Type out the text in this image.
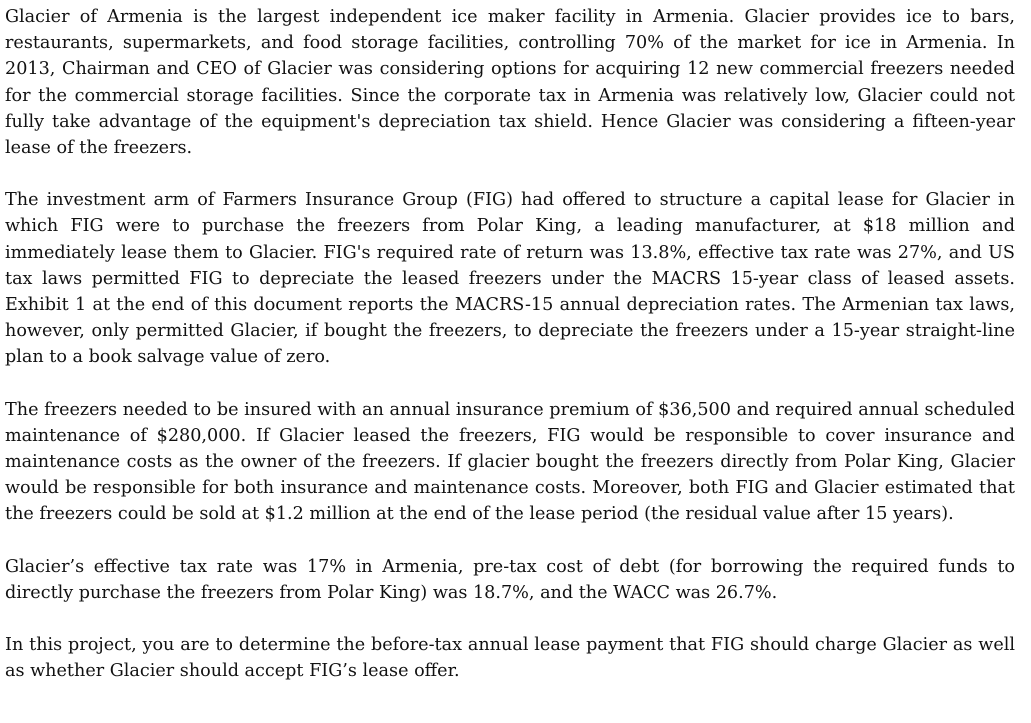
Glacier of Armenia is the largest independent ice maker facility in Armenia. Glacier provides ice to bars, restaurants, supermarkets, and food storage facilities, controlling 70% of the market for ice in Armenia. In 2013, Chairman and CEO of Glacier was considering options for acquiring 12 new commercial freezers needed for the commercial storage facilities. Since the corporate tax in Armenia was relatively low, Glacier could not fully take advantage of the equipment's depreciation tax shield. Hence Glacier was considering a fifteen-year lease of the freezers.

The investment arm of Farmers Insurance Group (FIG) had offered to structure a capital lease for Glacier in which FIG were to purchase the freezers from Polar King, a leading manufacturer, at $18 million and immediately lease them to Glacier. FIG's required rate of return was 13.8%, effective tax rate was 27%, and US tax laws permitted FIG to depreciate the leased freezers under the MACRS 15-year class of leased assets. Exhibit 1 at the end of this document reports the MACRS-15 annual depreciation rates. The Armenian tax laws, however, only permitted Glacier, if bought the freezers, to depreciate the freezers under a 15-year straight-line plan to a book salvage value of zero.

The freezers needed to be insured with an annual insurance premium of $36,500 and required annual scheduled maintenance of $280,000. If Glacier leased the freezers, FIG would be responsible to cover insurance and maintenance costs as the owner of the freezers. If glacier bought the freezers directly from Polar King, Glacier would be responsible for both insurance and maintenance costs. Moreover, both FIG and Glacier estimated that the freezers could be sold at $1.2 million at the end of the lease period (the residual value after 15 years).

Glacier’s effective tax rate was 17% in Armenia, pre-tax cost of debt (for borrowing the required funds to directly purchase the freezers from Polar King) was 18.7%, and the WACC was 26.7%.

In this project, you are to determine the before-tax annual lease payment that FIG should charge Glacier as well as whether Glacier should accept FIG’s lease offer.
